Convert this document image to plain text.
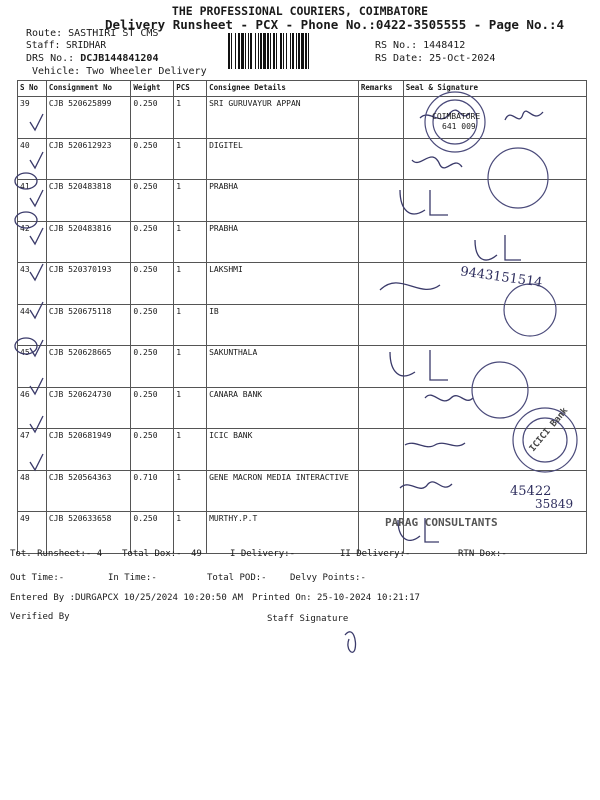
THE PROFESSIONAL COURIERS, COIMBATORE
Delivery Runsheet - PCX - Phone No.:0422-3505555 - Page No.:4
Route: SASTHIRI ST CMS
Staff: SRIDHAR
DRS No.: DCJB144841204
Vehicle: Two Wheeler Delivery
RS No.: 1448412
RS Date: 25-Oct-2024
S No	Consignment No	Weight	PCS	Consignee Details	Remarks	Seal & Signature
39	CJB 520625899	0.250	1	SRI GURUVAYUR APPAN		
40	CJB 520612923	0.250	1	DIGITEL		
41	CJB 520483818	0.250	1	PRABHA		
42	CJB 520483816	0.250	1	PRABHA		
43	CJB 520370193	0.250	1	LAKSHMI		
44	CJB 520675118	0.250	1	IB		
45	CJB 520628665	0.250	1	SAKUNTHALA		
46	CJB 520624730	0.250	1	CANARA BANK		
47	CJB 520681949	0.250	1	ICIC BANK		
48	CJB 520564363	0.710	1	GENE MACRON MEDIA INTERACTIVE		
49	CJB 520633658	0.250	1	MURTHY.P.T		
COIMBATORE
641 009
9443151514
45422
35849
PARAG CONSULTANTS
ICICI Bank
Tot. Runsheet:- 4 Total Dox:- 49	I Delivery:-	II Delivery:-	RTN Dox:-
Out Time:-	In Time:-	Total POD:-	Delvy Points:-
Entered By :DURGAPCX 10/25/2024 10:20:50 AM Printed On: 25-10-2024 10:21:17
Verified By	Staff Signature
